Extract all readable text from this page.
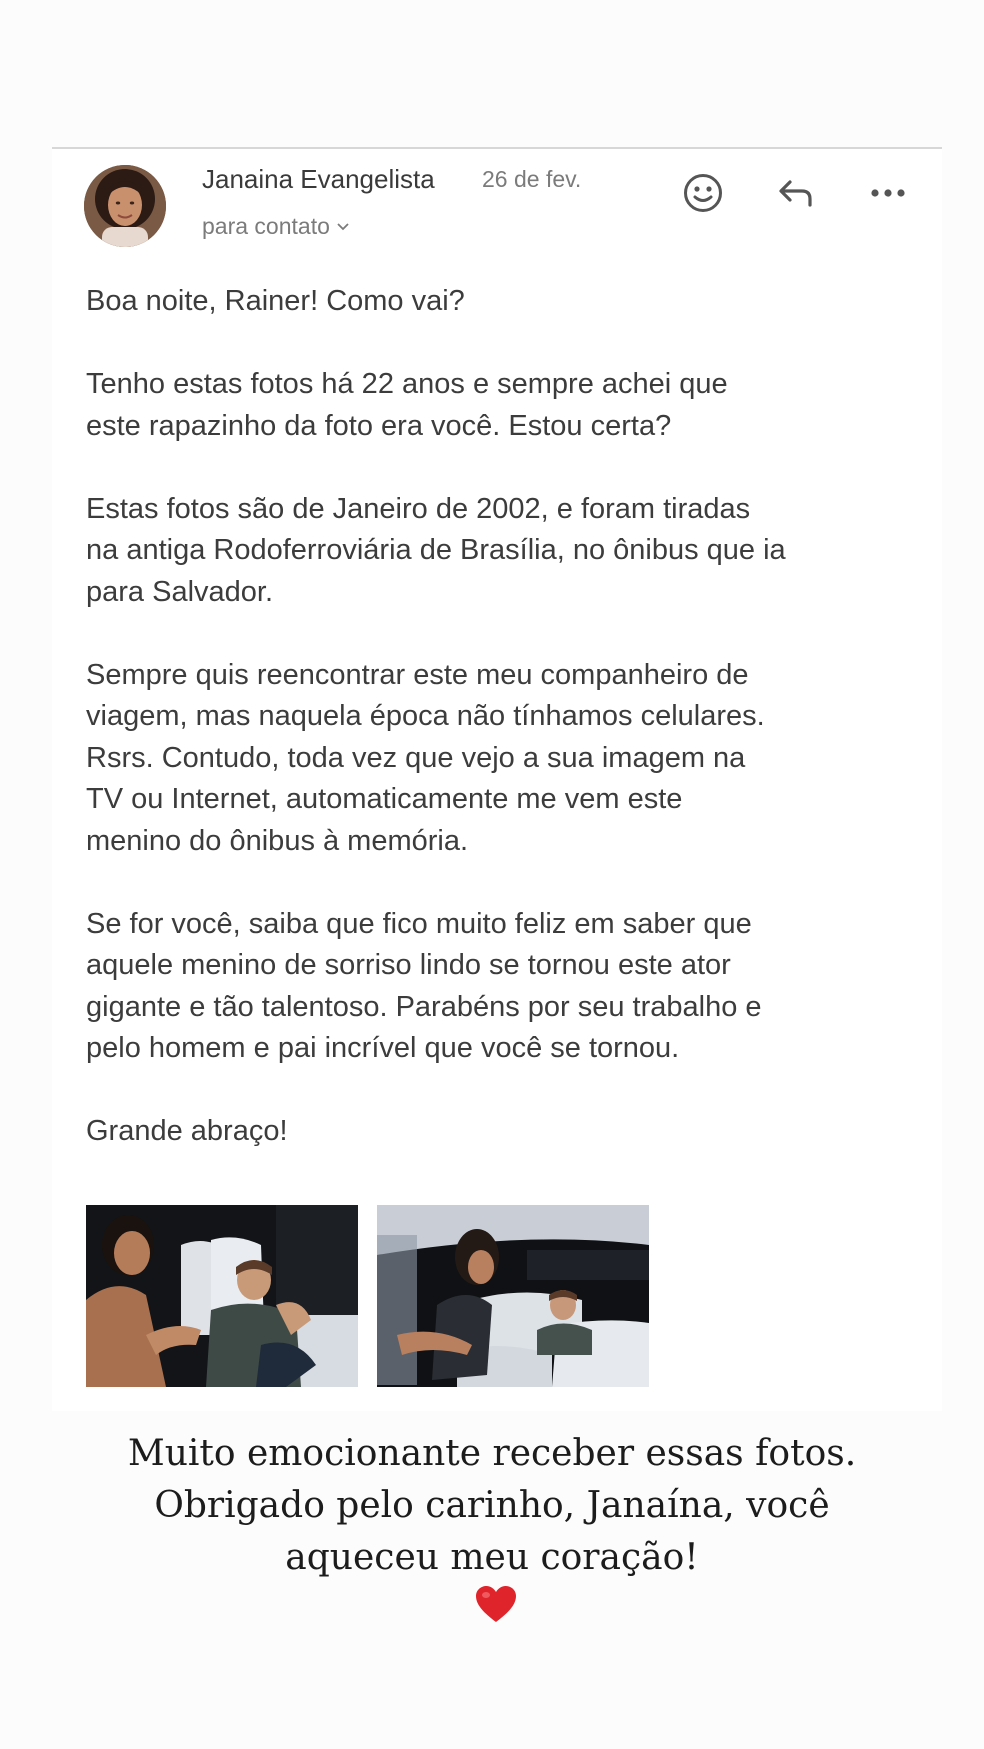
Janaina Evangelista 26 de fev.
para contato

Boa noite, Rainer! Como vai?

Tenho estas fotos há 22 anos e sempre achei que
este rapazinho da foto era você. Estou certa?

Estas fotos são de Janeiro de 2002, e foram tiradas
na antiga Rodoferroviária de Brasília, no ônibus que ia
para Salvador.

Sempre quis reencontrar este meu companheiro de
viagem, mas naquela época não tínhamos celulares.
Rsrs. Contudo, toda vez que vejo a sua imagem na
TV ou Internet, automaticamente me vem este
menino do ônibus à memória.

Se for você, saiba que fico muito feliz em saber que
aquele menino de sorriso lindo se tornou este ator
gigante e tão talentoso. Parabéns por seu trabalho e
pelo homem e pai incrível que você se tornou.

Grande abraço!

Muito emocionante receber essas fotos.
Obrigado pelo carinho, Janaína, você
aqueceu meu coração!
